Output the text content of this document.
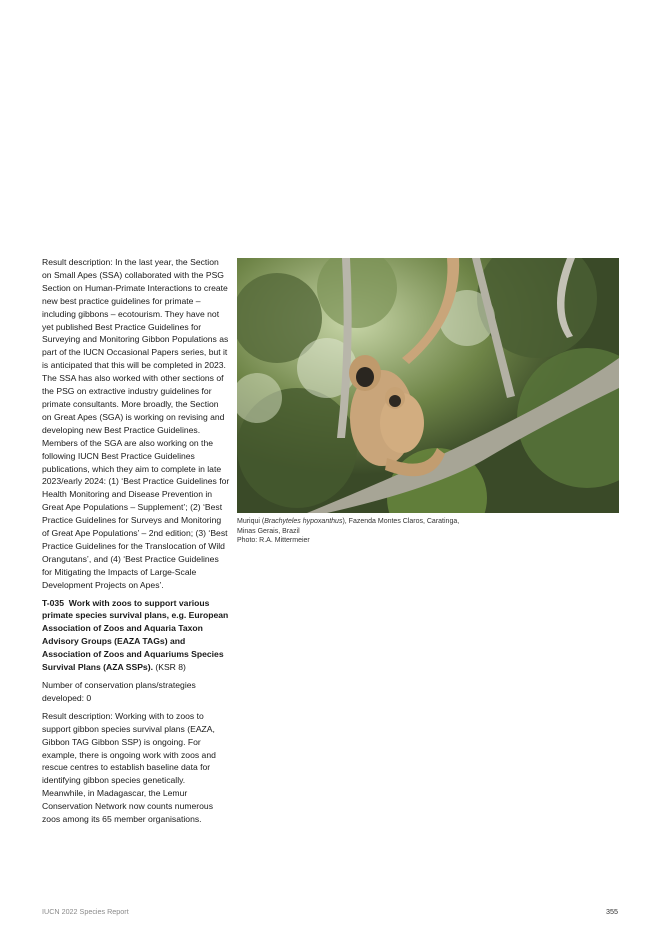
Result description: In the last year, the Section on Small Apes (SSA) collaborated with the PSG Section on Human-Primate Interactions to create new best practice guidelines for primate – including gibbons – ecotourism. They have not yet published Best Practice Guidelines for Surveying and Monitoring Gibbon Populations as part of the IUCN Occasional Papers series, but it is anticipated that this will be completed in 2023. The SSA has also worked with other sections of the PSG on extractive industry guidelines for primate consultants. More broadly, the Section on Great Apes (SGA) is working on revising and developing new Best Practice Guidelines. Members of the SGA are also working on the following IUCN Best Practice Guidelines publications, which they aim to complete in late 2023/early 2024: (1) ‘Best Practice Guidelines for Health Monitoring and Disease Prevention in Great Ape Populations – Supplement’; (2) ‘Best Practice Guidelines for Surveys and Monitoring of Great Ape Populations’ – 2nd edition; (3) ‘Best Practice Guidelines for the Translocation of Wild Orangutans’, and (4) ‘Best Practice Guidelines for Mitigating the Impacts of Large-Scale Development Projects on Apes’.

T-035 Work with zoos to support various primate species survival plans, e.g. European Association of Zoos and Aquaria Taxon Advisory Groups (EAZA TAGs) and Association of Zoos and Aquariums Species Survival Plans (AZA SSPs). (KSR 8)

Number of conservation plans/strategies developed: 0

Result description: Working with to zoos to support gibbon species survival plans (EAZA, Gibbon TAG Gibbon SSP) is ongoing. For example, there is ongoing work with zoos and rescue centres to establish baseline data for identifying gibbon species genetically. Meanwhile, in Madagascar, the Lemur Conservation Network now counts numerous zoos among its 65 member organisations.

Muriqui (Brachyteles hypoxanthus), Fazenda Montes Claros, Caratinga, Minas Gerais, Brazil
Photo: R.A. Mittermeier
IUCN 2022 Species Report	355
